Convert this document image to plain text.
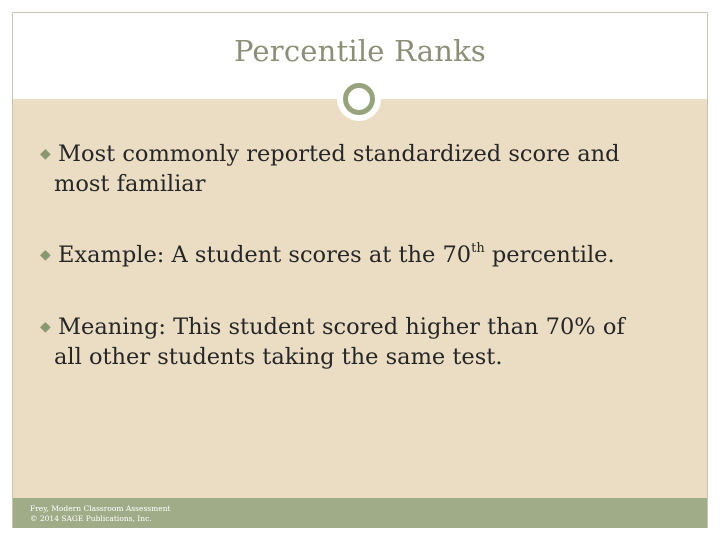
Percentile Ranks
◆ Most commonly reported standardized score and
most familiar
◆ Example: A student scores at the 70th percentile.
◆ Meaning: This student scored higher than 70% of
all other students taking the same test.
Frey, Modern Classroom Assessment
© 2014 SAGE Publications, Inc.
